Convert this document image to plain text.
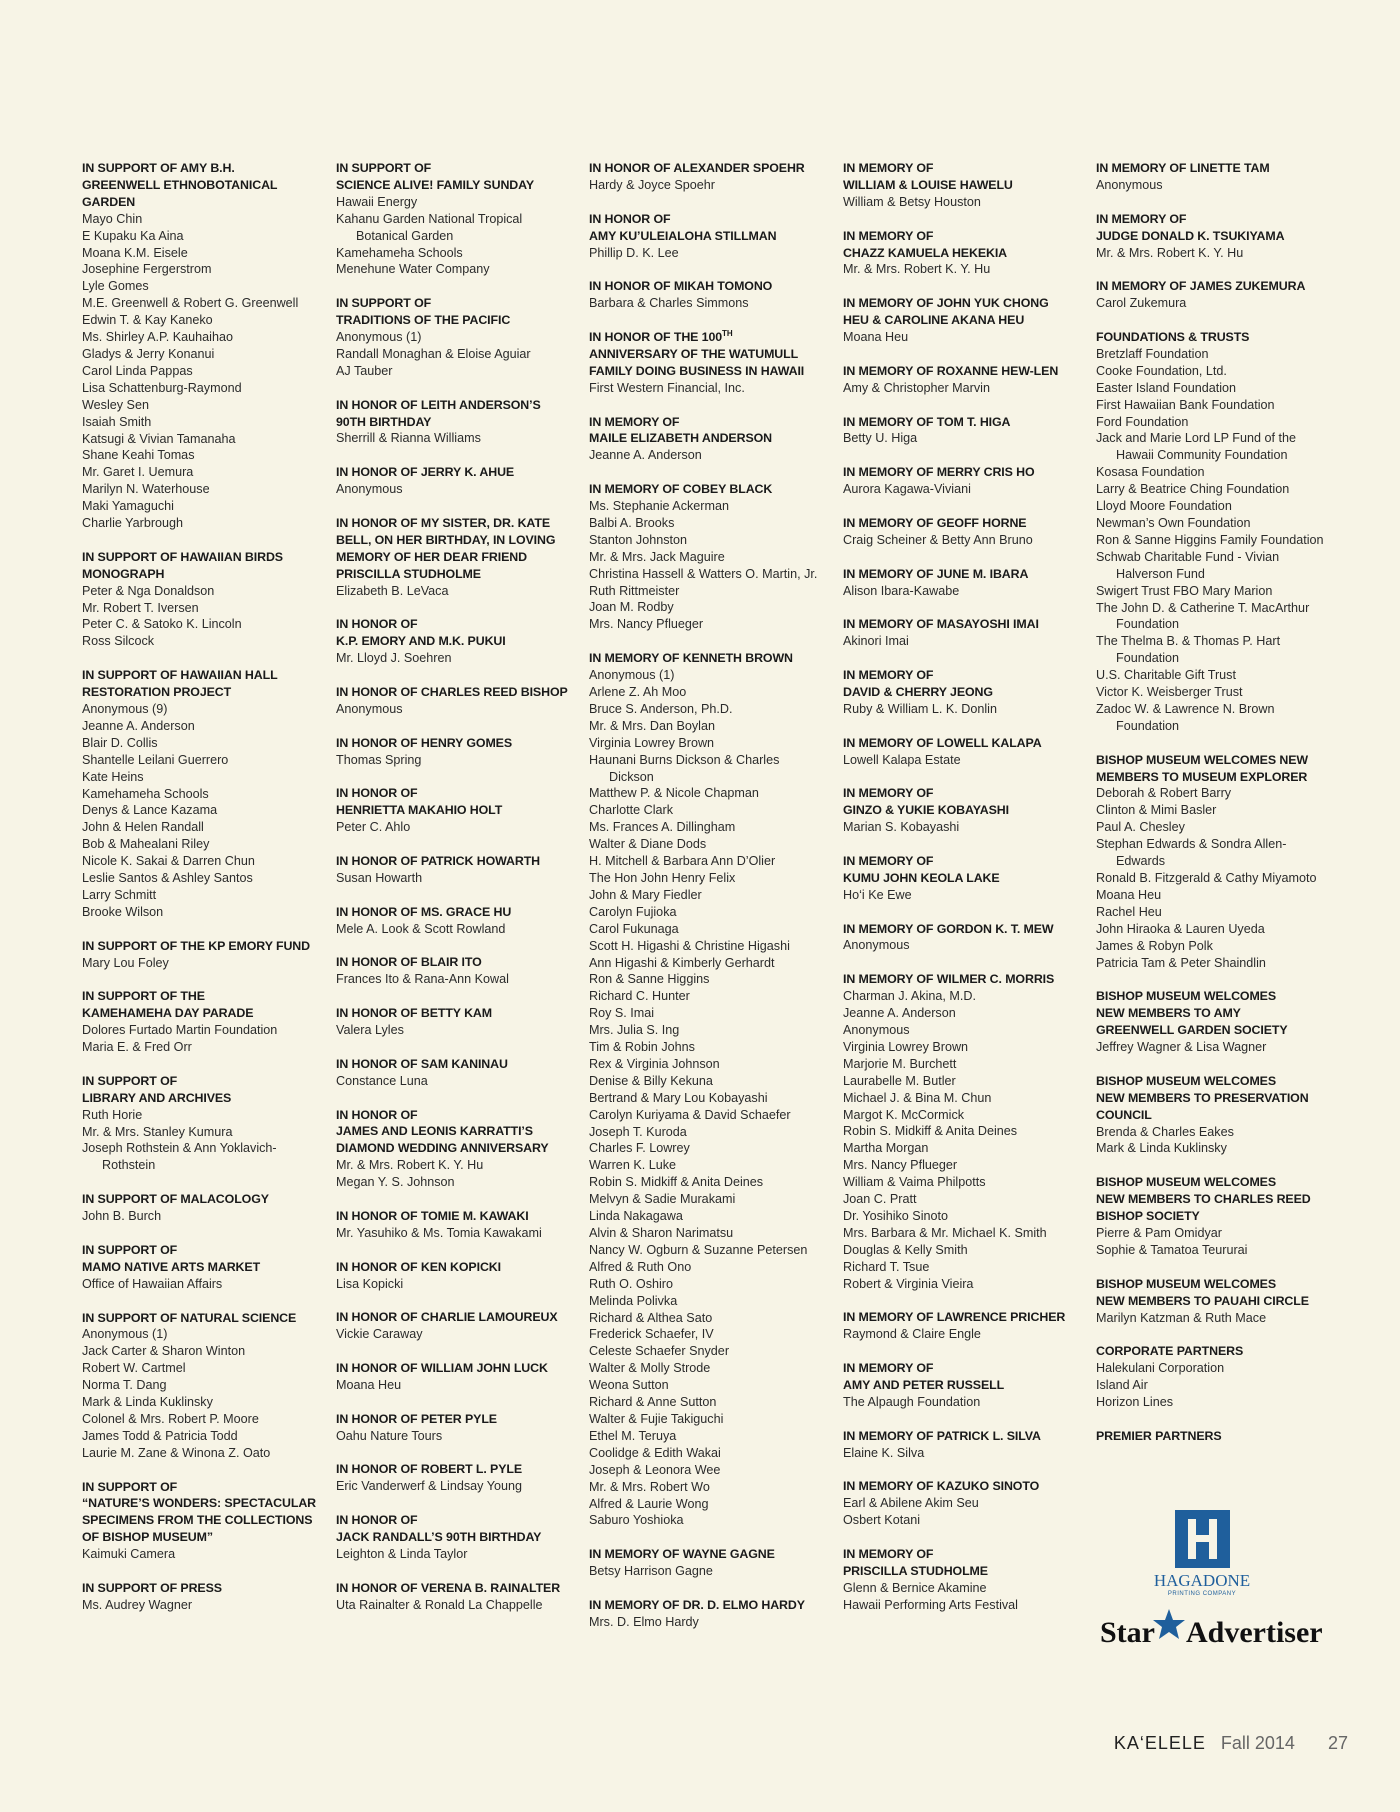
IN SUPPORT OF AMY B.H.
GREENWELL ETHNOBOTANICAL
GARDEN
Mayo Chin
E Kupaku Ka Aina
Moana K.M. Eisele
Josephine Fergerstrom
Lyle Gomes
M.E. Greenwell & Robert G. Greenwell
Edwin T. & Kay Kaneko
Ms. Shirley A.P. Kauhaihao
Gladys & Jerry Konanui
Carol Linda Pappas
Lisa Schattenburg-Raymond
Wesley Sen
Isaiah Smith
Katsugi & Vivian Tamanaha
Shane Keahi Tomas
Mr. Garet I. Uemura
Marilyn N. Waterhouse
Maki Yamaguchi
Charlie Yarbrough
IN SUPPORT OF HAWAIIAN BIRDS
MONOGRAPH
Peter & Nga Donaldson
Mr. Robert T. Iversen
Peter C. & Satoko K. Lincoln
Ross Silcock
IN SUPPORT OF HAWAIIAN HALL
RESTORATION PROJECT
Anonymous (9)
Jeanne A. Anderson
Blair D. Collis
Shantelle Leilani Guerrero
Kate Heins
Kamehameha Schools
Denys & Lance Kazama
John & Helen Randall
Bob & Mahealani Riley
Nicole K. Sakai & Darren Chun
Leslie Santos & Ashley Santos
Larry Schmitt
Brooke Wilson
IN SUPPORT OF THE KP EMORY FUND
Mary Lou Foley
IN SUPPORT OF THE
KAMEHAMEHA DAY PARADE
Dolores Furtado Martin Foundation
Maria E. & Fred Orr
IN SUPPORT OF
LIBRARY AND ARCHIVES
Ruth Horie
Mr. & Mrs. Stanley Kumura
Joseph Rothstein & Ann Yoklavich-Rothstein
IN SUPPORT OF MALACOLOGY
John B. Burch
IN SUPPORT OF
MAMO NATIVE ARTS MARKET
Office of Hawaiian Affairs
IN SUPPORT OF NATURAL SCIENCE
Anonymous (1)
Jack Carter & Sharon Winton
Robert W. Cartmel
Norma T. Dang
Mark & Linda Kuklinsky
Colonel & Mrs. Robert P. Moore
James Todd & Patricia Todd
Laurie M. Zane & Winona Z. Oato
IN SUPPORT OF
“NATURE’S WONDERS: SPECTACULAR
SPECIMENS FROM THE COLLECTIONS
OF BISHOP MUSEUM”
Kaimuki Camera
IN SUPPORT OF PRESS
Ms. Audrey Wagner
IN SUPPORT OF
SCIENCE ALIVE! FAMILY SUNDAY
Hawaii Energy
Kahanu Garden National Tropical Botanical Garden
Kamehameha Schools
Menehune Water Company
IN SUPPORT OF
TRADITIONS OF THE PACIFIC
Anonymous (1)
Randall Monaghan & Eloise Aguiar
AJ Tauber
IN HONOR OF LEITH ANDERSON’S
90TH BIRTHDAY
Sherrill & Rianna Williams
IN HONOR OF JERRY K. AHUE
Anonymous
IN HONOR OF MY SISTER, DR. KATE
BELL, ON HER BIRTHDAY, IN LOVING
MEMORY OF HER DEAR FRIEND
PRISCILLA STUDHOLME
Elizabeth B. LeVaca
IN HONOR OF
K.P. EMORY AND M.K. PUKUI
Mr. Lloyd J. Soehren
IN HONOR OF CHARLES REED BISHOP
Anonymous
IN HONOR OF HENRY GOMES
Thomas Spring
IN HONOR OF
HENRIETTA MAKAHIO HOLT
Peter C. Ahlo
IN HONOR OF PATRICK HOWARTH
Susan Howarth
IN HONOR OF MS. GRACE HU
Mele A. Look & Scott Rowland
IN HONOR OF BLAIR ITO
Frances Ito & Rana-Ann Kowal
IN HONOR OF BETTY KAM
Valera Lyles
IN HONOR OF SAM KANINAU
Constance Luna
IN HONOR OF
JAMES AND LEONIS KARRATTI’S
DIAMOND WEDDING ANNIVERSARY
Mr. & Mrs. Robert K. Y. Hu
Megan Y. S. Johnson
IN HONOR OF TOMIE M. KAWAKI
Mr. Yasuhiko & Ms. Tomia Kawakami
IN HONOR OF KEN KOPICKI
Lisa Kopicki
IN HONOR OF CHARLIE LAMOUREUX
Vickie Caraway
IN HONOR OF WILLIAM JOHN LUCK
Moana Heu
IN HONOR OF PETER PYLE
Oahu Nature Tours
IN HONOR OF ROBERT L. PYLE
Eric Vanderwerf & Lindsay Young
IN HONOR OF
JACK RANDALL’S 90TH BIRTHDAY
Leighton & Linda Taylor
IN HONOR OF VERENA B. RAINALTER
Uta Rainalter & Ronald La Chappelle
IN HONOR OF ALEXANDER SPOEHR
Hardy & Joyce Spoehr
IN HONOR OF
AMY KU’ULEIALOHA STILLMAN
Phillip D. K. Lee
IN HONOR OF MIKAH TOMONO
Barbara & Charles Simmons
IN HONOR OF THE 100TH
ANNIVERSARY OF THE WATUMULL
FAMILY DOING BUSINESS IN HAWAII
First Western Financial, Inc.
IN MEMORY OF
MAILE ELIZABETH ANDERSON
Jeanne A. Anderson
IN MEMORY OF COBEY BLACK
Ms. Stephanie Ackerman
Balbi A. Brooks
Stanton Johnston
Mr. & Mrs. Jack Maguire
Christina Hassell & Watters O. Martin, Jr.
Ruth Rittmeister
Joan M. Rodby
Mrs. Nancy Pflueger
IN MEMORY OF KENNETH BROWN
Anonymous (1)
Arlene Z. Ah Moo
Bruce S. Anderson, Ph.D.
Mr. & Mrs. Dan Boylan
Virginia Lowrey Brown
Haunani Burns Dickson & Charles Dickson
Matthew P. & Nicole Chapman
Charlotte Clark
Ms. Frances A. Dillingham
Walter & Diane Dods
H. Mitchell & Barbara Ann D’Olier
The Hon John Henry Felix
John & Mary Fiedler
Carolyn Fujioka
Carol Fukunaga
Scott H. Higashi & Christine Higashi
Ann Higashi & Kimberly Gerhardt
Ron & Sanne Higgins
Richard C. Hunter
Roy S. Imai
Mrs. Julia S. Ing
Tim & Robin Johns
Rex & Virginia Johnson
Denise & Billy Kekuna
Bertrand & Mary Lou Kobayashi
Carolyn Kuriyama & David Schaefer
Joseph T. Kuroda
Charles F. Lowrey
Warren K. Luke
Robin S. Midkiff & Anita Deines
Melvyn & Sadie Murakami
Linda Nakagawa
Alvin & Sharon Narimatsu
Nancy W. Ogburn & Suzanne Petersen
Alfred & Ruth Ono
Ruth O. Oshiro
Melinda Polivka
Richard & Althea Sato
Frederick Schaefer, IV
Celeste Schaefer Snyder
Walter & Molly Strode
Weona Sutton
Richard & Anne Sutton
Walter & Fujie Takiguchi
Ethel M. Teruya
Coolidge & Edith Wakai
Joseph & Leonora Wee
Mr. & Mrs. Robert Wo
Alfred & Laurie Wong
Saburo Yoshioka
IN MEMORY OF WAYNE GAGNE
Betsy Harrison Gagne
IN MEMORY OF DR. D. ELMO HARDY
Mrs. D. Elmo Hardy
IN MEMORY OF
WILLIAM & LOUISE HAWELU
William & Betsy Houston
IN MEMORY OF
CHAZZ KAMUELA HEKEKIA
Mr. & Mrs. Robert K. Y. Hu
IN MEMORY OF JOHN YUK CHONG
HEU & CAROLINE AKANA HEU
Moana Heu
IN MEMORY OF ROXANNE HEW-LEN
Amy & Christopher Marvin
IN MEMORY OF TOM T. HIGA
Betty U. Higa
IN MEMORY OF MERRY CRIS HO
Aurora Kagawa-Viviani
IN MEMORY OF GEOFF HORNE
Craig Scheiner & Betty Ann Bruno
IN MEMORY OF JUNE M. IBARA
Alison Ibara-Kawabe
IN MEMORY OF MASAYOSHI IMAI
Akinori Imai
IN MEMORY OF
DAVID & CHERRY JEONG
Ruby & William L. K. Donlin
IN MEMORY OF LOWELL KALAPA
Lowell Kalapa Estate
IN MEMORY OF
GINZO & YUKIE KOBAYASHI
Marian S. Kobayashi
IN MEMORY OF
KUMU JOHN KEOLA LAKE
Ho‘i Ke Ewe
IN MEMORY OF GORDON K. T. MEW
Anonymous
IN MEMORY OF WILMER C. MORRIS
Charman J. Akina, M.D.
Jeanne A. Anderson
Anonymous
Virginia Lowrey Brown
Marjorie M. Burchett
Laurabelle M. Butler
Michael J. & Bina M. Chun
Margot K. McCormick
Robin S. Midkiff & Anita Deines
Martha Morgan
Mrs. Nancy Pflueger
William & Vaima Philpotts
Joan C. Pratt
Dr. Yosihiko Sinoto
Mrs. Barbara & Mr. Michael K. Smith
Douglas & Kelly Smith
Richard T. Tsue
Robert & Virginia Vieira
IN MEMORY OF LAWRENCE PRICHER
Raymond & Claire Engle
IN MEMORY OF
AMY AND PETER RUSSELL
The Alpaugh Foundation
IN MEMORY OF PATRICK L. SILVA
Elaine K. Silva
IN MEMORY OF KAZUKO SINOTO
Earl & Abilene Akim Seu
Osbert Kotani
IN MEMORY OF
PRISCILLA STUDHOLME
Glenn & Bernice Akamine
Hawaii Performing Arts Festival
IN MEMORY OF LINETTE TAM
Anonymous
IN MEMORY OF
JUDGE DONALD K. TSUKIYAMA
Mr. & Mrs. Robert K. Y. Hu
IN MEMORY OF JAMES ZUKEMURA
Carol Zukemura
FOUNDATIONS & TRUSTS
Bretzlaff Foundation
Cooke Foundation, Ltd.
Easter Island Foundation
First Hawaiian Bank Foundation
Ford Foundation
Jack and Marie Lord LP Fund of the Hawaii Community Foundation
Kosasa Foundation
Larry & Beatrice Ching Foundation
Lloyd Moore Foundation
Newman’s Own Foundation
Ron & Sanne Higgins Family Foundation
Schwab Charitable Fund - Vivian Halverson Fund
Swigert Trust FBO Mary Marion
The John D. & Catherine T. MacArthur Foundation
The Thelma B. & Thomas P. Hart Foundation
U.S. Charitable Gift Trust
Victor K. Weisberger Trust
Zadoc W. & Lawrence N. Brown Foundation
BISHOP MUSEUM WELCOMES NEW
MEMBERS TO MUSEUM EXPLORER
Deborah & Robert Barry
Clinton & Mimi Basler
Paul A. Chesley
Stephan Edwards & Sondra Allen-Edwards
Ronald B. Fitzgerald & Cathy Miyamoto
Moana Heu
Rachel Heu
John Hiraoka & Lauren Uyeda
James & Robyn Polk
Patricia Tam & Peter Shaindlin
BISHOP MUSEUM WELCOMES
NEW MEMBERS TO AMY
GREENWELL GARDEN SOCIETY
Jeffrey Wagner & Lisa Wagner
BISHOP MUSEUM WELCOMES
NEW MEMBERS TO PRESERVATION
COUNCIL
Brenda & Charles Eakes
Mark & Linda Kuklinsky
BISHOP MUSEUM WELCOMES
NEW MEMBERS TO CHARLES REED
BISHOP SOCIETY
Pierre & Pam Omidyar
Sophie & Tamatoa Teururai
BISHOP MUSEUM WELCOMES
NEW MEMBERS TO PAUAHI CIRCLE
Marilyn Katzman & Ruth Mace
CORPORATE PARTNERS
Halekulani Corporation
Island Air
Horizon Lines
PREMIER PARTNERS
HAGADONE
PRINTING COMPANY
Star Advertiser
KA‘ELELE Fall 2014 27
